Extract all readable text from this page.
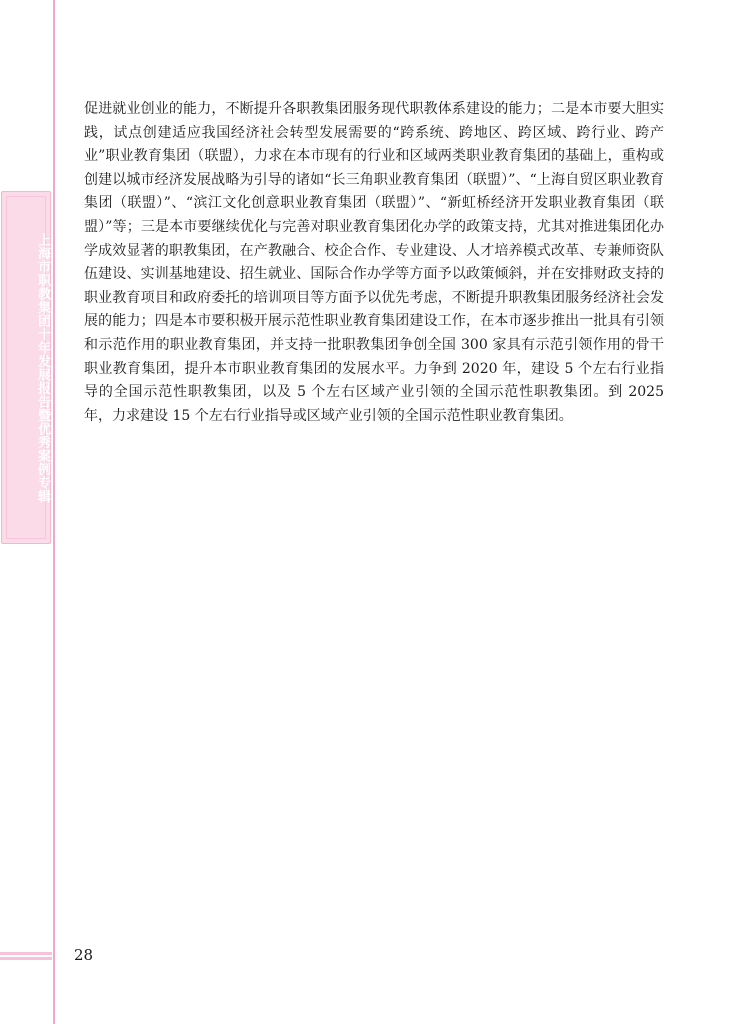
上海市职教集团十年发展报告暨优秀案例专辑

促进就业创业的能力，不断提升各职教集团服务现代职教体系建设的能力；二是本市要大胆实践，试点创建适应我国经济社会转型发展需要的“跨系统、跨地区、跨区域、跨行业、跨产业”职业教育集团（联盟），力求在本市现有的行业和区域两类职业教育集团的基础上，重构或创建以城市经济发展战略为引导的诸如“长三角职业教育集团（联盟）”、“上海自贸区职业教育集团（联盟）”、“滨江文化创意职业教育集团（联盟）”、“新虹桥经济开发职业教育集团（联盟）”等；三是本市要继续优化与完善对职业教育集团化办学的政策支持，尤其对推进集团化办学成效显著的职教集团，在产教融合、校企合作、专业建设、人才培养模式改革、专兼师资队伍建设、实训基地建设、招生就业、国际合作办学等方面予以政策倾斜，并在安排财政支持的职业教育项目和政府委托的培训项目等方面予以优先考虑，不断提升职教集团服务经济社会发展的能力；四是本市要积极开展示范性职业教育集团建设工作，在本市逐步推出一批具有引领和示范作用的职业教育集团，并支持一批职教集团争创全国 300 家具有示范引领作用的骨干职业教育集团，提升本市职业教育集团的发展水平。力争到 2020 年，建设 5 个左右行业指导的全国示范性职教集团，以及 5 个左右区域产业引领的全国示范性职教集团。到 2025 年，力求建设 15 个左右行业指导或区域产业引领的全国示范性职业教育集团。

28
